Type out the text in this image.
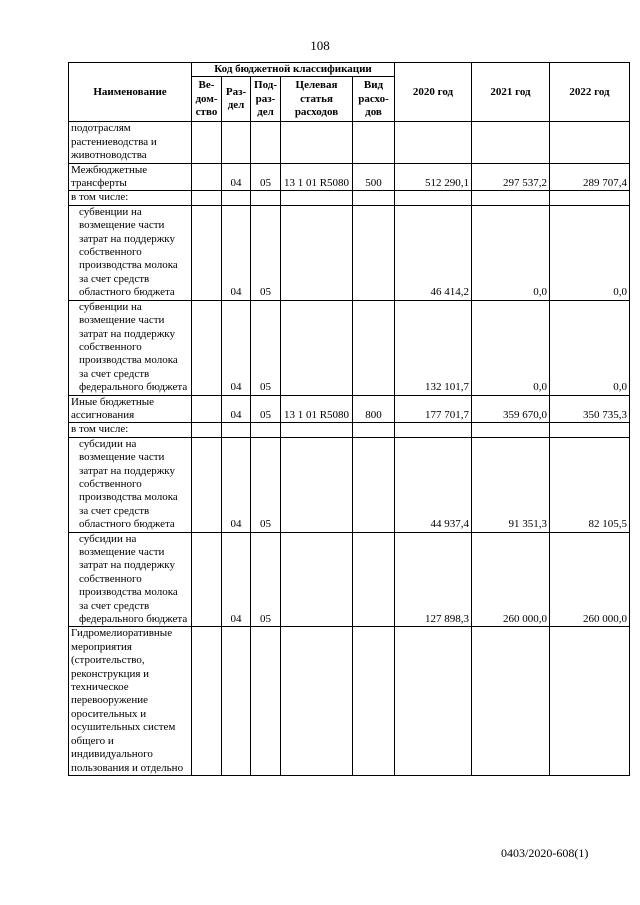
108
Наименование	Код бюджетной классификации					2020 год	2021 год	2022 год
	Ве-дом-ство	Раз-дел	Под-раз-дел	Целевая статья расходов	Вид расхо-дов			
подотраслям растениеводства и животноводства								
Межбюджетные трансферты		04	05	13 1 01 R5080	500	512 290,1	297 537,2	289 707,4
в том числе:								
субвенции на возмещение части затрат на поддержку собственного производства молока за счет средств областного бюджета		04	05			46 414,2	0,0	0,0
субвенции на возмещение части затрат на поддержку собственного производства молока за счет средств федерального бюджета		04	05			132 101,7	0,0	0,0
Иные бюджетные ассигнования		04	05	13 1 01 R5080	800	177 701,7	359 670,0	350 735,3
в том числе:								
субсидии на возмещение части затрат на поддержку собственного производства молока за счет средств областного бюджета		04	05			44 937,4	91 351,3	82 105,5
субсидии на возмещение части затрат на поддержку собственного производства молока за счет средств федерального бюджета		04	05			127 898,3	260 000,0	260 000,0
Гидромелиоративные мероприятия (строительство, реконструкция и техническое перевооружение оросительных и осушительных систем общего и индивидуального пользования и отдельно								
0403/2020-608(1)
